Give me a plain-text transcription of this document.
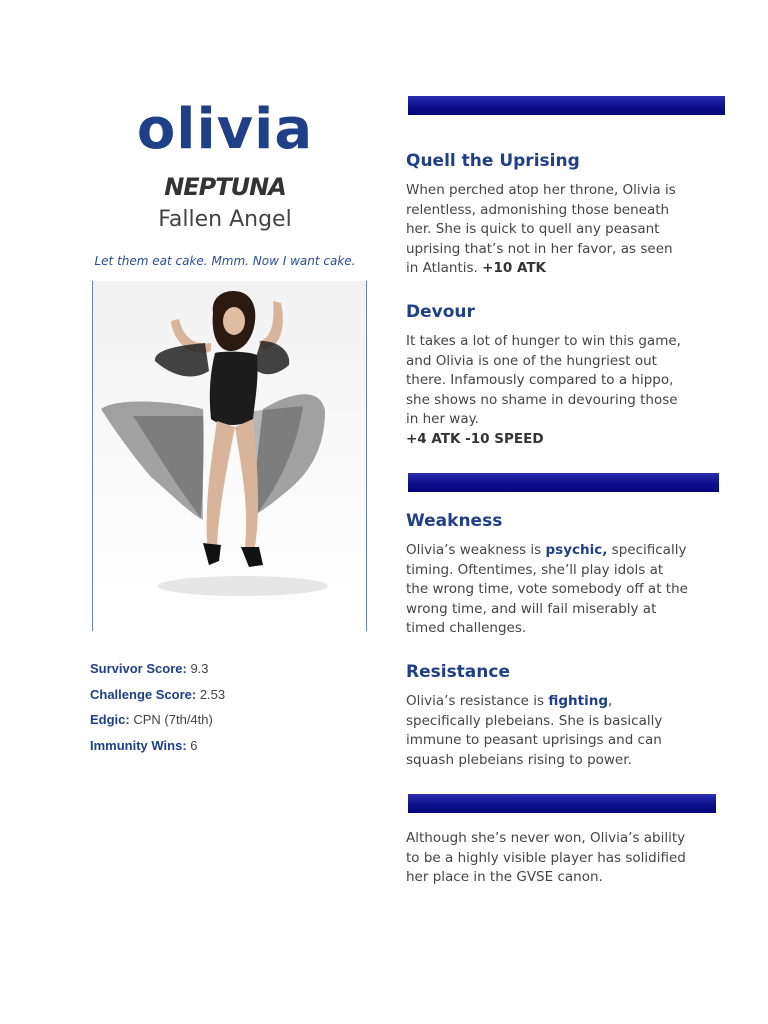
olivia
NEPTUNA
Fallen Angel
Let them eat cake. Mmm. Now I want cake.
Survivor Score: 9.3
Challenge Score: 2.53
Edgic: CPN (7th/4th)
Immunity Wins: 6
Quell the Uprising
When perched atop her throne, Olivia is relentless, admonishing those beneath her. She is quick to quell any peasant uprising that’s not in her favor, as seen in Atlantis. +10 ATK
Devour
It takes a lot of hunger to win this game, and Olivia is one of the hungriest out there. Infamously compared to a hippo, she shows no shame in devouring those in her way.
+4 ATK -10 SPEED
Weakness
Olivia’s weakness is psychic, specifically timing. Oftentimes, she’ll play idols at the wrong time, vote somebody off at the wrong time, and will fail miserably at timed challenges.
Resistance
Olivia’s resistance is fighting, specifically plebeians. She is basically immune to peasant uprisings and can squash plebeians rising to power.
Although she’s never won, Olivia’s ability to be a highly visible player has solidified her place in the GVSE canon.
